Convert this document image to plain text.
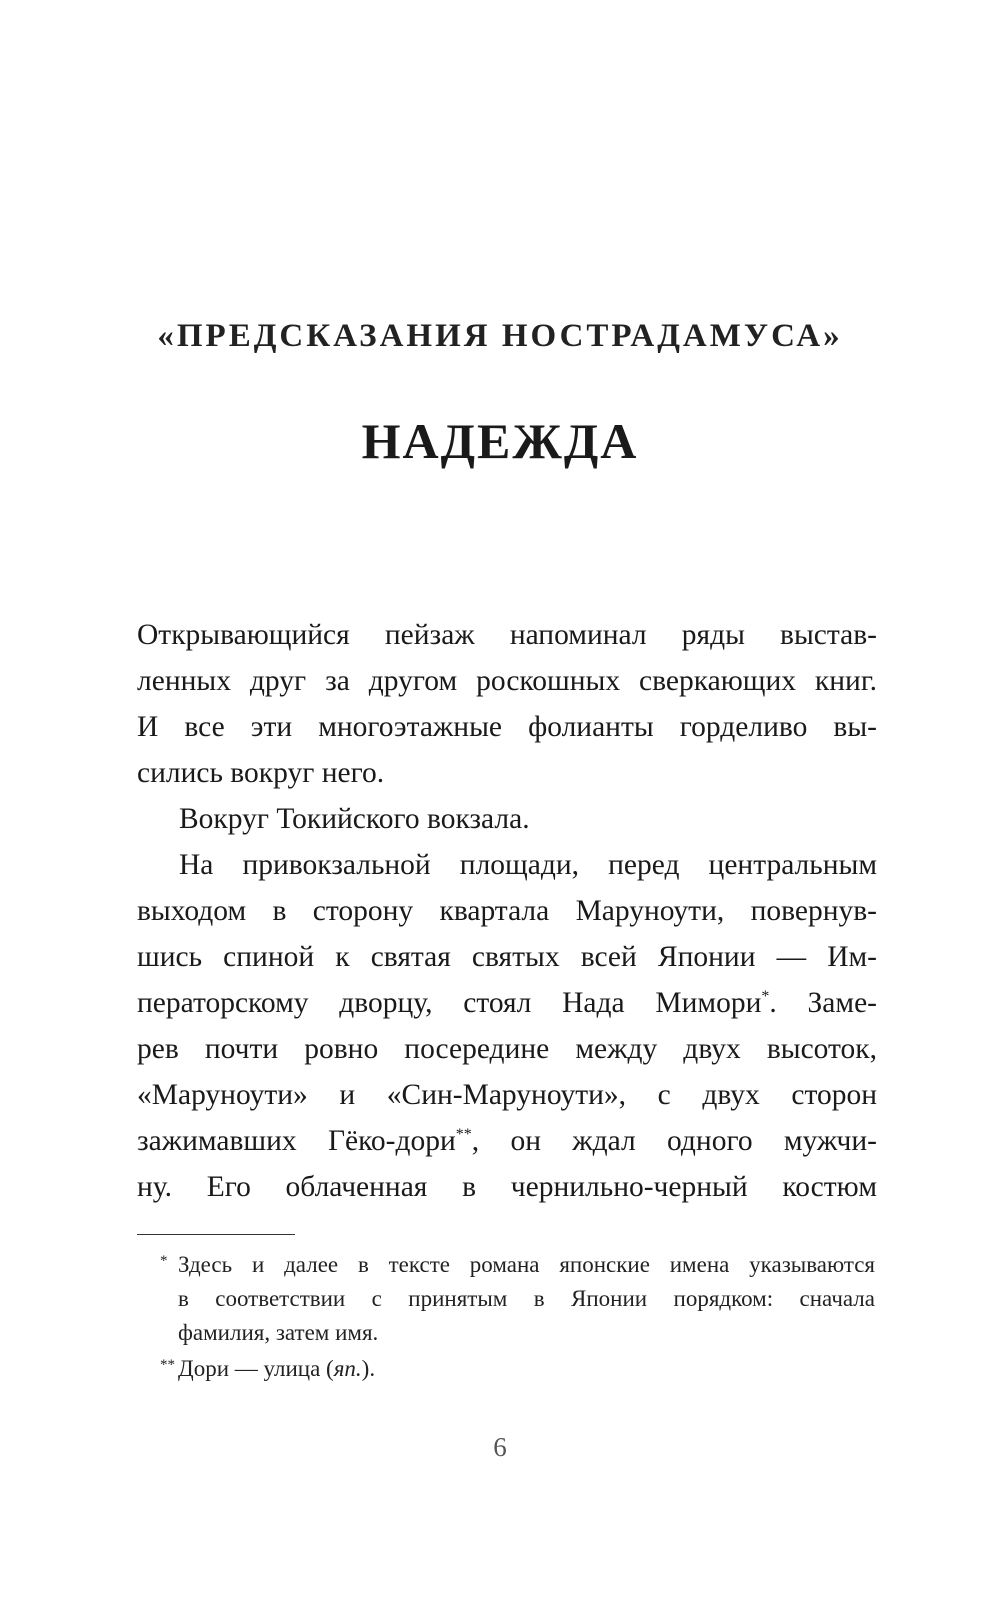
«ПРЕДСКАЗАНИЯ НОСТРАДАМУСА»
НАДЕЖДА
Открывающийся пейзаж напоминал ряды выстав-
ленных друг за другом роскошных сверкающих книг.
И все эти многоэтажные фолианты горделиво вы-
сились вокруг него.
Вокруг Токийского вокзала.
На привокзальной площади, перед центральным
выходом в сторону квартала Маруноути, повернув-
шись спиной к святая святых всей Японии — Им-
ператорскому дворцу, стоял Нада Мимори*. Заме-
рев почти ровно посередине между двух высоток,
«Маруноути» и «Син-Маруноути», с двух сторон
зажимавших Гёко-дори**, он ждал одного мужчи-
ну. Его облаченная в чернильно-черный костюм
* Здесь и далее в тексте романа японские имена указываются
в соответствии с принятым в Японии порядком: сначала
фамилия, затем имя.
** Дори — улица (яп.).
6
